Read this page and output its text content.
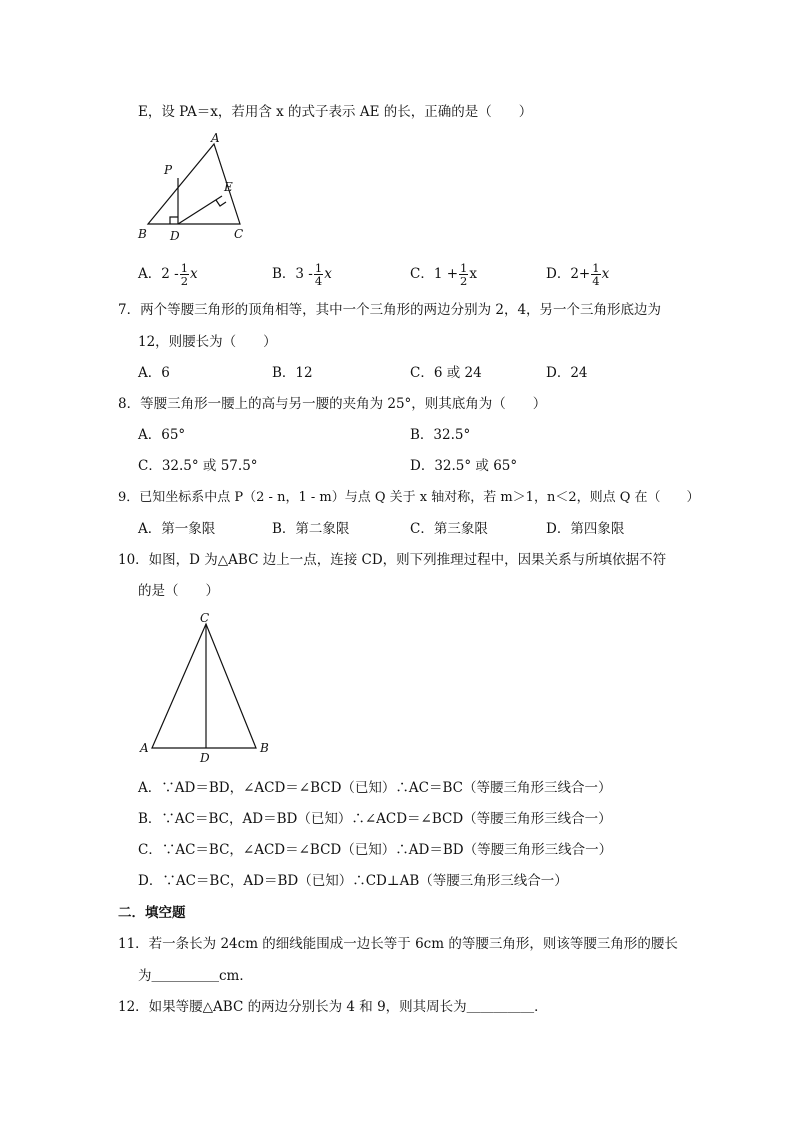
E，设 PA＝x，若用含 x 的式子表示 AE 的长，正确的是（　　）
A
P
E
B D	C
A．$2 - \frac{1}{2}$ x	B．$3 - \frac{1}{4}$ x	C．$1 + \frac{1}{2}$ x	D．$2+ \frac{1}{4}$ x
7．两个等腰三角形的顶角相等，其中一个三角形的两边分别为 2，4，另一个三角形底边为
12，则腰长为（　　）
A．6	B．12	C．6 或 24	D．24
8．等腰三角形一腰上的高与另一腰的夹角为 25°，则其底角为（　　）
A．65°	B．32.5°
C．32.5° 或 57.5°	D．32.5° 或 65°
9．已知坐标系中点 P（2 - n，1 - m）与点 Q 关于 x 轴对称，若 m＞1，n＜2，则点 Q 在（　　）
A．第一象限	B．第二象限	C．第三象限	D．第四象限
10．如图，D 为△ABC 边上一点，连接 CD，则下列推理过程中，因果关系与所填依据不符
的是（　　）
C
A
D
B
A．∵AD＝BD，∠ACD＝∠BCD（已知）∴AC＝BC（等腰三角形三线合一）
B．∵AC＝BC，AD＝BD（已知）∴∠ACD＝∠BCD（等腰三角形三线合一）
C．∵AC＝BC，∠ACD＝∠BCD（已知）∴AD＝BD（等腰三角形三线合一）
D．∵AC＝BC，AD＝BD（已知）∴CD⊥AB（等腰三角形三线合一）
二．填空题
11．若一条长为 24cm 的细线能围成一边长等于 6cm 的等腰三角形，则该等腰三角形的腰长
为＿＿＿＿＿cm．
12．如果等腰△ABC 的两边分别长为 4 和 9，则其周长为＿＿＿＿＿．
